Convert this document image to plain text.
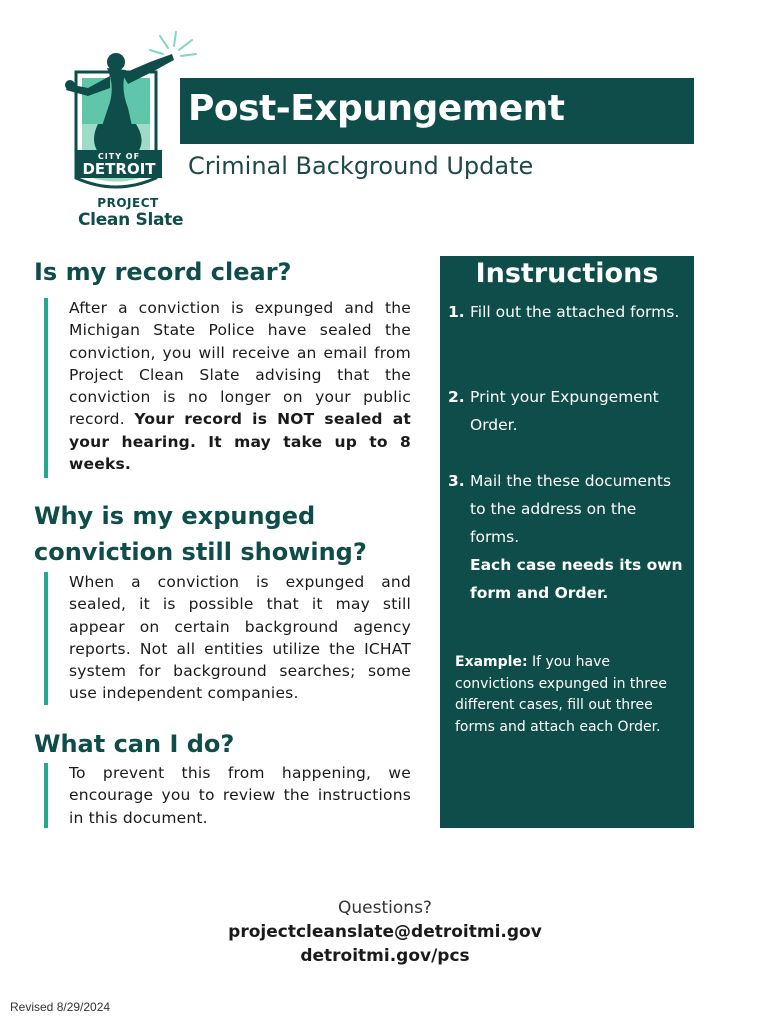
CITY OF
DETROIT
Post-Expungement
Criminal Background Update
PROJECT
Clean Slate
Is my record clear?
After a conviction is expunged and the Michigan State Police have sealed the conviction, you will receive an email from Project Clean Slate advising that the conviction is no longer on your public record. Your record is NOT sealed at your hearing. It may take up to 8 weeks.
Why is my expunged conviction still showing?
When a conviction is expunged and sealed, it is possible that it may still appear on certain background agency reports. Not all entities utilize the ICHAT system for background searches; some use independent companies.
What can I do?
To prevent this from happening, we encourage you to review the instructions in this document.
Instructions
1. Fill out the attached forms.
2. Print your Expungement Order.
3. Mail the these documents to the address on the forms.
Each case needs its own form and Order.
Example: If you have convictions expunged in three different cases, fill out three forms and attach each Order.
Questions?
projectcleanslate@detroitmi.gov
detroitmi.gov/pcs
Revised 8/29/2024
